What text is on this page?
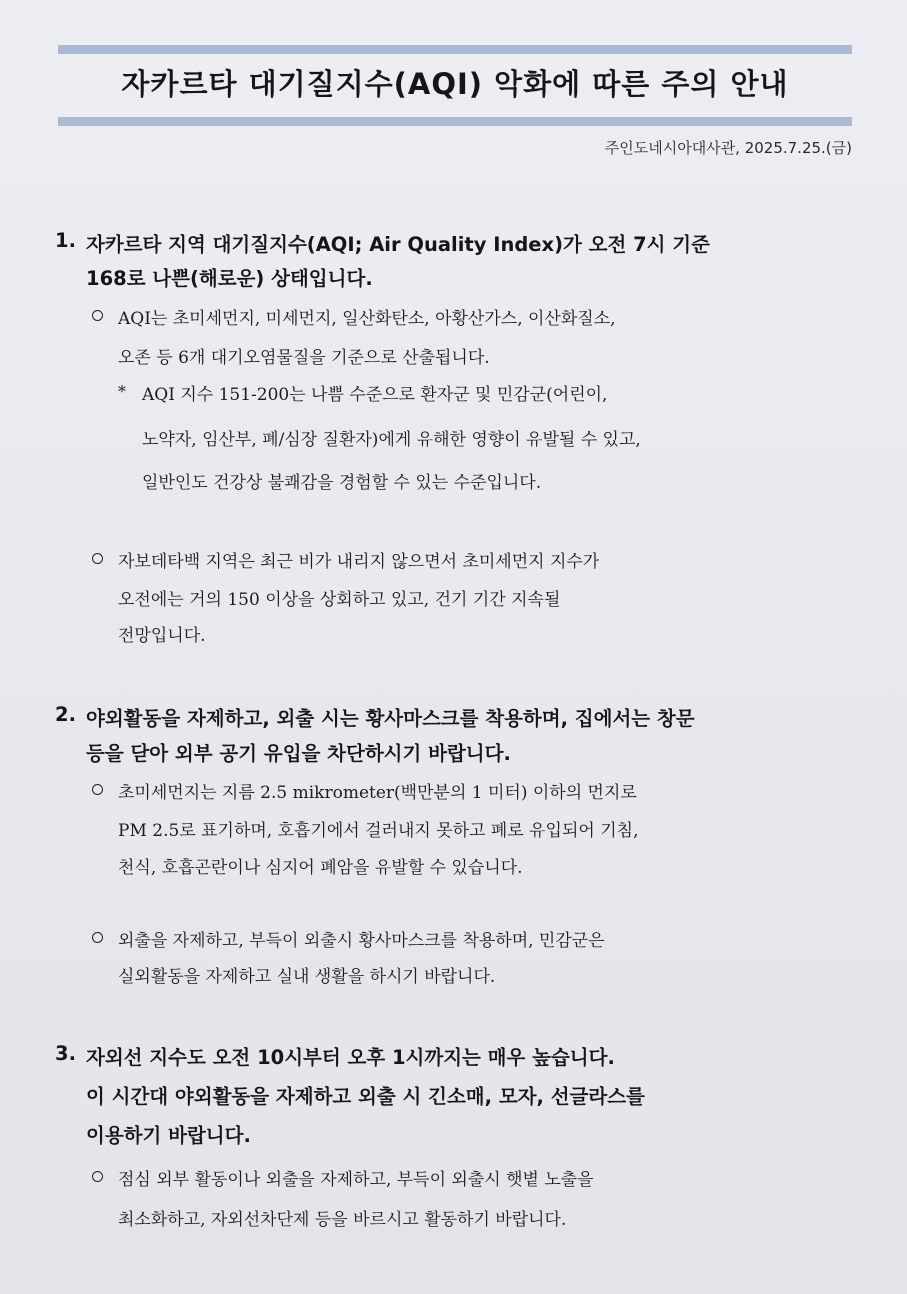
자카르타 대기질지수(AQI) 악화에 따른 주의 안내
주인도네시아대사관, 2025.7.25.(금)
1. 자카르타 지역 대기질지수(AQI; Air Quality Index)가 오전 7시 기준
168로 나쁜(해로운) 상태입니다.
AQI는 초미세먼지, 미세먼지, 일산화탄소, 아황산가스, 이산화질소,
오존 등 6개 대기오염물질을 기준으로 산출됩니다.
* AQI 지수 151-200는 나쁨 수준으로 환자군 및 민감군(어린이,
노약자, 임산부, 폐/심장 질환자)에게 유해한 영향이 유발될 수 있고,
일반인도 건강상 불쾌감을 경험할 수 있는 수준입니다.
자보데타백 지역은 최근 비가 내리지 않으면서 초미세먼지 지수가
오전에는 거의 150 이상을 상회하고 있고, 건기 기간 지속될
전망입니다.
2. 야외활동을 자제하고, 외출 시는 황사마스크를 착용하며, 집에서는 창문
등을 닫아 외부 공기 유입을 차단하시기 바랍니다.
초미세먼지는 지름 2.5 mikrometer(백만분의 1 미터) 이하의 먼지로
PM 2.5로 표기하며, 호흡기에서 걸러내지 못하고 폐로 유입되어 기침,
천식, 호흡곤란이나 심지어 폐암을 유발할 수 있습니다.
외출을 자제하고, 부득이 외출시 황사마스크를 착용하며, 민감군은
실외활동을 자제하고 실내 생활을 하시기 바랍니다.
3. 자외선 지수도 오전 10시부터 오후 1시까지는 매우 높습니다.
이 시간대 야외활동을 자제하고 외출 시 긴소매, 모자, 선글라스를
이용하기 바랍니다.
점심 외부 활동이나 외출을 자제하고, 부득이 외출시 햇볕 노출을
최소화하고, 자외선차단제 등을 바르시고 활동하기 바랍니다.
